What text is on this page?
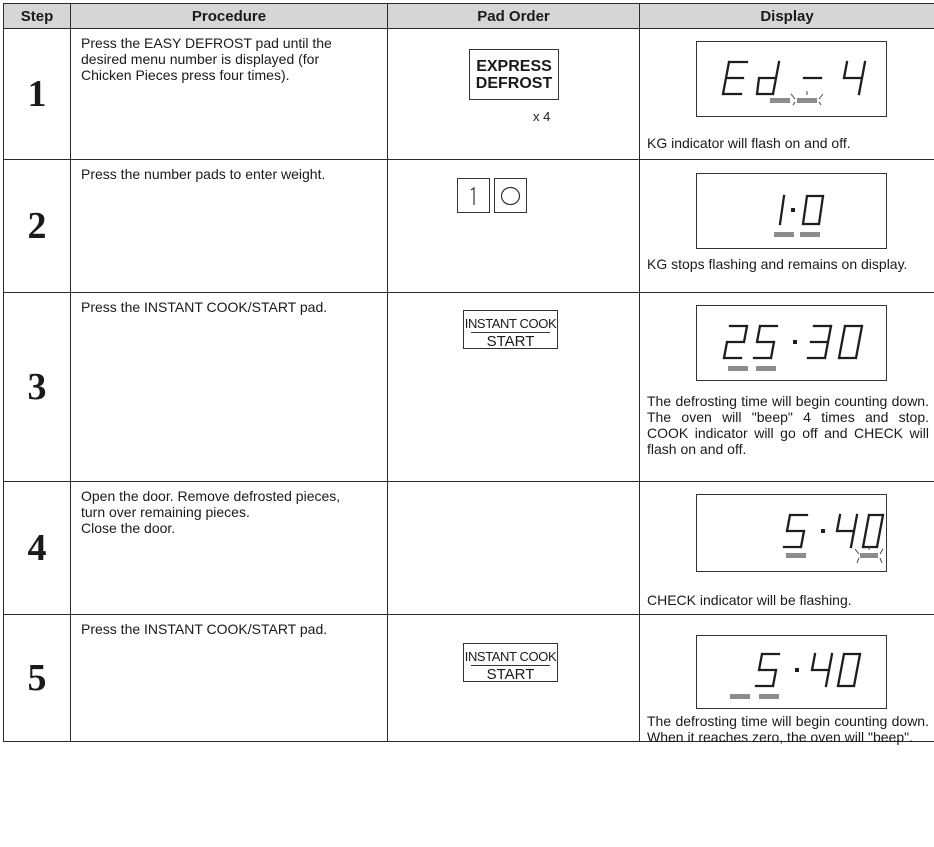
Step	Procedure	Pad Order	Display
1	Press the EASY DEFROST pad until the
desired menu number is displayed (for
Chicken Pieces press four times).	EXPRESS
DEFROST
x 4	KG indicator will flash on and off.

2	Press the number pads to enter weight.		KG stops flashing and remains on display.

3	Press the INSTANT COOK/START pad.	INSTANT COOK
START	The defrosting time will begin counting down. The oven will "beep" 4 times and stop. COOK indicator will go off and CHECK will flash on and off.

4	Open the door. Remove defrosted pieces,
turn over remaining pieces.
Close the door.		CHECK indicator will be flashing.

5	Press the INSTANT COOK/START pad.	INSTANT COOK
START	The defrosting time will begin counting down. When it reaches zero, the oven will "beep".
